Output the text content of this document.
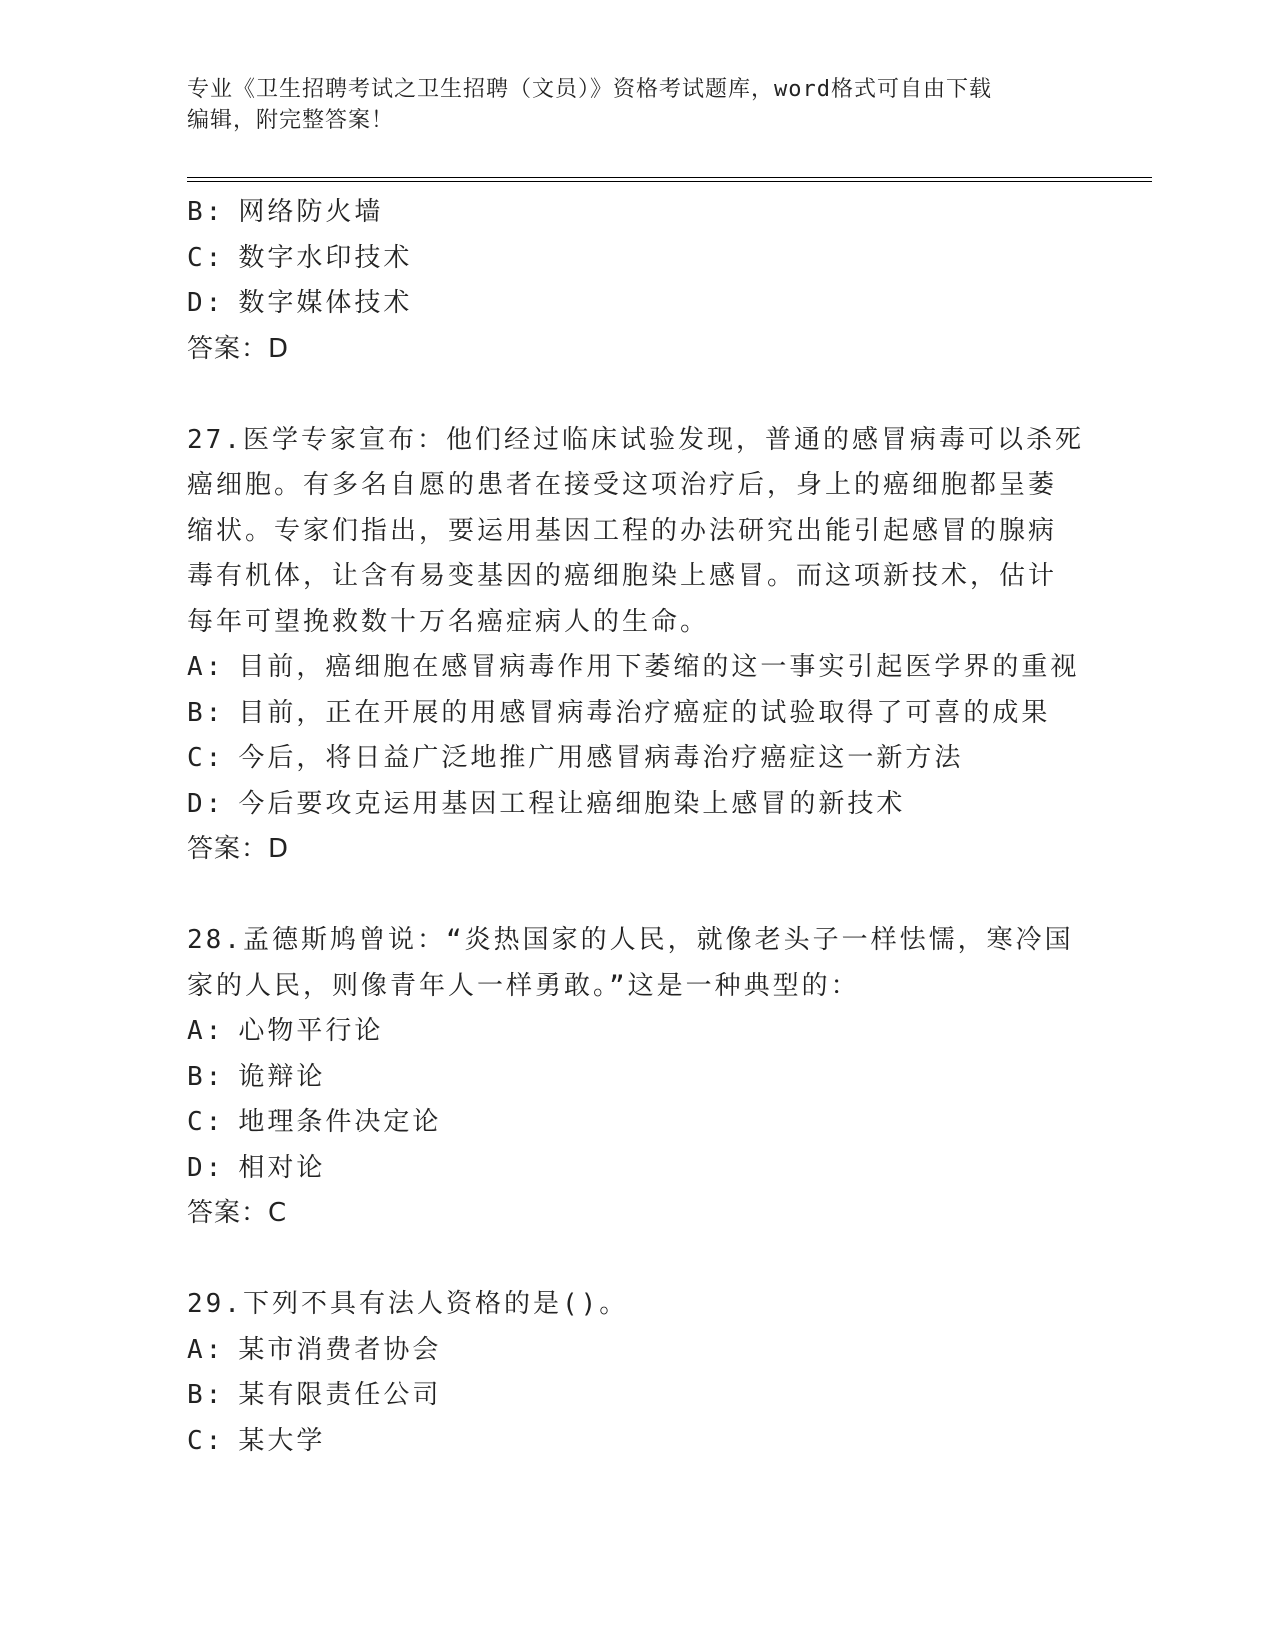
专业《卫生招聘考试之卫生招聘（文员）》资格考试题库，word格式可自由下载
编辑，附完整答案！
B: 网络防火墙
C: 数字水印技术
D: 数字媒体技术
答案：D
27.医学专家宣布：他们经过临床试验发现，普通的感冒病毒可以杀死
癌细胞。有多名自愿的患者在接受这项治疗后，身上的癌细胞都呈萎
缩状。专家们指出，要运用基因工程的办法研究出能引起感冒的腺病
毒有机体，让含有易变基因的癌细胞染上感冒。而这项新技术，估计
每年可望挽救数十万名癌症病人的生命。
A: 目前，癌细胞在感冒病毒作用下萎缩的这一事实引起医学界的重视
B: 目前，正在开展的用感冒病毒治疗癌症的试验取得了可喜的成果
C: 今后，将日益广泛地推广用感冒病毒治疗癌症这一新方法
D: 今后要攻克运用基因工程让癌细胞染上感冒的新技术
答案：D
28.孟德斯鸠曾说：“炎热国家的人民，就像老头子一样怯懦，寒冷国
家的人民，则像青年人一样勇敢。”这是一种典型的：
A: 心物平行论
B: 诡辩论
C: 地理条件决定论
D: 相对论
答案：C
29.下列不具有法人资格的是()。
A: 某市消费者协会
B: 某有限责任公司
C: 某大学
